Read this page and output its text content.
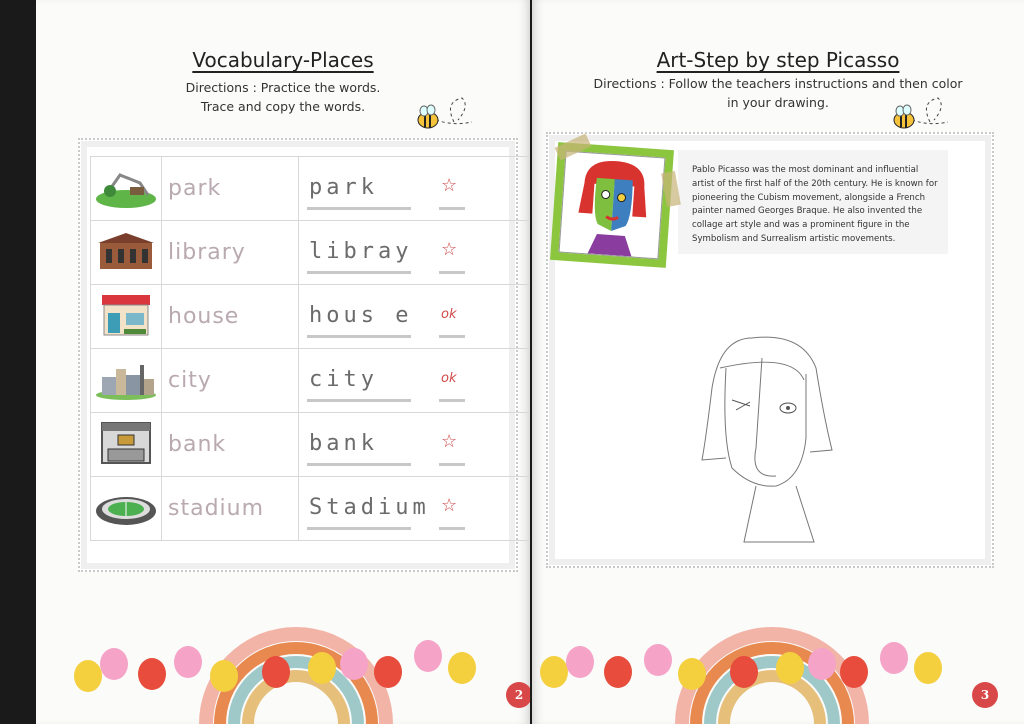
Vocabulary-Places
Directions : Practice the words.
Trace and copy the words.
	park	park ☆

	library	libray ☆

	house	hous e ok

	city	city ok

	bank	bank ☆

	stadium	Stadium ☆
2
Art-Step by step Picasso
Directions : Follow the teachers instructions and then color
in your drawing.
Pablo Picasso was the most dominant and influential artist of the first half of the 20th century. He is known for pioneering the Cubism movement, alongside a French painter named Georges Braque. He also invented the collage art style and was a prominent figure in the Symbolism and Surrealism artistic movements.
3
